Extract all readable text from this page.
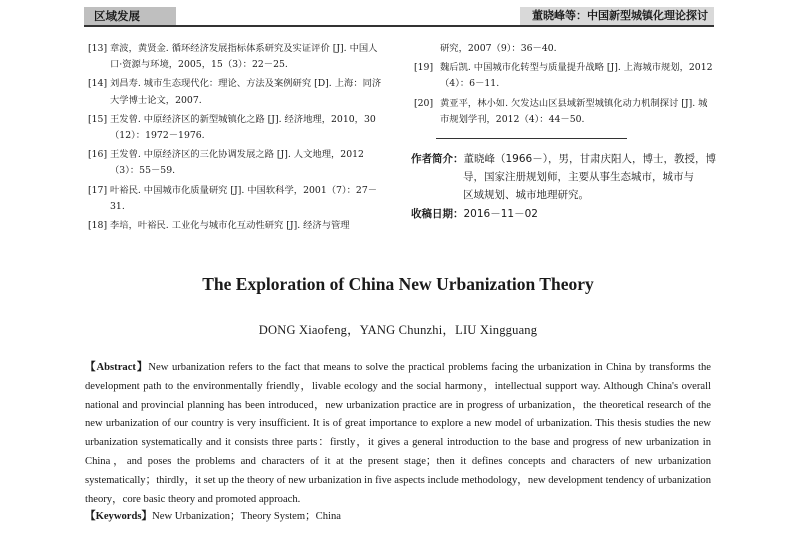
区域发展	董晓峰等：中国新型城镇化理论探讨
[13] 章波，黄贤金. 循环经济发展指标体系研究及实证评价 [J]. 中国人口·资源与环境，2005，15（3）：22－25.
[14] 刘昌寿. 城市生态现代化：理论、方法及案例研究 [D]. 上海：同济大学博士论文，2007.
[15] 王发曾. 中原经济区的新型城镇化之路 [J]. 经济地理，2010，30（12）：1972－1976.
[16] 王发曾. 中原经济区的三化协调发展之路 [J]. 人文地理，2012（3）：55－59.
[17] 叶裕民. 中国城市化质量研究 [J]. 中国软科学，2001（7）：27－31.
[18] 李培，叶裕民. 工业化与城市化互动性研究 [J]. 经济与管理
研究，2007（9）：36－40.
[19] 魏后凯. 中国城市化转型与质量提升战略 [J]. 上海城市规划，2012（4）：6－11.
[20] 黄亚平，林小如. 欠发达山区县域新型城镇化动力机制探讨 [J]. 城市规划学刊，2012（4）：44－50.
作者简介：董晓峰（1966－），男，甘肃庆阳人，博士，教授，博
导，国家注册规划师，主要从事生态城市，城市与
区域规划、城市地理研究。
收稿日期：2016－11－02
The Exploration of China New Urbanization Theory
DONG Xiaofeng，YANG Chunzhi，LIU Xingguang
【Abstract】New urbanization refers to the fact that means to solve the practical problems facing the urbanization in China by transforms the development path to the environmentally friendly，livable ecology and the social harmony，intellectual support way. Although China's overall national and provincial planning has been introduced，new urbanization practice are in progress of urbanization，the theoretical research of the new urbanization of our country is very insufficient. It is of great importance to explore a new model of urbanization. This thesis studies the new urbanization systematically and it consists three parts：firstly，it gives a general introduction to the base and progress of new urbanization in China，and poses the problems and characters of it at the present stage；then it defines concepts and characters of new urbanization systematically；thirdly，it set up the theory of new urbanization in five aspects include methodology，new development tendency of urbanization theory，core basic theory and promoted approach.
【Keywords】New Urbanization；Theory System；China
